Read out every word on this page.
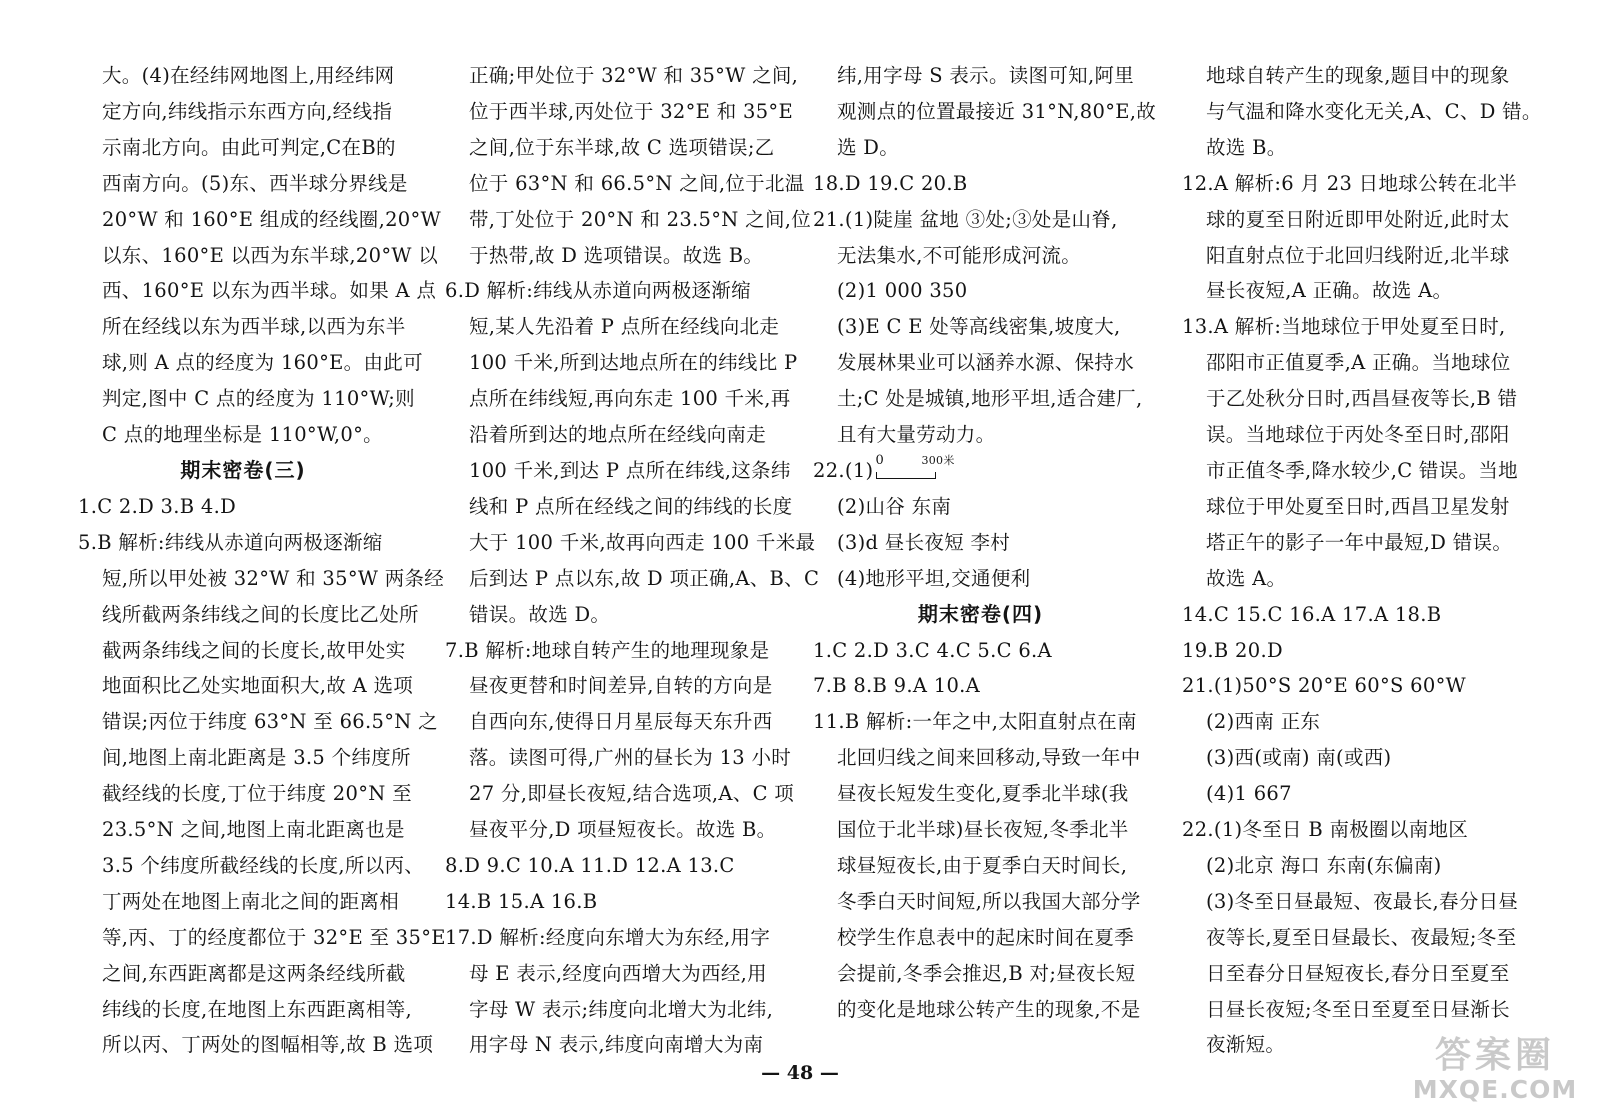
大。(4)在经纬网地图上,用经纬网
定方向,纬线指示东西方向,经线指
示南北方向。由此可判定,C在B的
西南方向。(5)东、西半球分界线是
20°W 和 160°E 组成的经线圈,20°W
以东、160°E 以西为东半球,20°W 以
西、160°E 以东为西半球。如果 A 点
所在经线以东为西半球,以西为东半
球,则 A 点的经度为 160°E。由此可
判定,图中 C 点的经度为 110°W;则
C 点的地理坐标是 110°W,0°。
期末密卷(三)
1.C 2.D 3.B 4.D
5.B 解析:纬线从赤道向两极逐渐缩
短,所以甲处被 32°W 和 35°W 两条经
线所截两条纬线之间的长度比乙处所
截两条纬线之间的长度长,故甲处实
地面积比乙处实地面积大,故 A 选项
错误;丙位于纬度 63°N 至 66.5°N 之
间,地图上南北距离是 3.5 个纬度所
截经线的长度,丁位于纬度 20°N 至
23.5°N 之间,地图上南北距离也是
3.5 个纬度所截经线的长度,所以丙、
丁两处在地图上南北之间的距离相
等,丙、丁的经度都位于 32°E 至 35°E
之间,东西距离都是这两条经线所截
纬线的长度,在地图上东西距离相等,
所以丙、丁两处的图幅相等,故 B 选项
正确;甲处位于 32°W 和 35°W 之间,
位于西半球,丙处位于 32°E 和 35°E
之间,位于东半球,故 C 选项错误;乙
位于 63°N 和 66.5°N 之间,位于北温
带,丁处位于 20°N 和 23.5°N 之间,位
于热带,故 D 选项错误。故选 B。
6.D 解析:纬线从赤道向两极逐渐缩
短,某人先沿着 P 点所在经线向北走
100 千米,所到达地点所在的纬线比 P
点所在纬线短,再向东走 100 千米,再
沿着所到达的地点所在经线向南走
100 千米,到达 P 点所在纬线,这条纬
线和 P 点所在经线之间的纬线的长度
大于 100 千米,故再向西走 100 千米最
后到达 P 点以东,故 D 项正确,A、B、C
错误。故选 D。
7.B 解析:地球自转产生的地理现象是
昼夜更替和时间差异,自转的方向是
自西向东,使得日月星辰每天东升西
落。读图可得,广州的昼长为 13 小时
27 分,即昼长夜短,结合选项,A、C 项
昼夜平分,D 项昼短夜长。故选 B。
8.D 9.C 10.A 11.D 12.A 13.C
14.B 15.A 16.B
17.D 解析:经度向东增大为东经,用字
母 E 表示,经度向西增大为西经,用
字母 W 表示;纬度向北增大为北纬,
用字母 N 表示,纬度向南增大为南
纬,用字母 S 表示。读图可知,阿里
观测点的位置最接近 31°N,80°E,故
选 D。
18.D 19.C 20.B
21.(1)陡崖 盆地 ③处;③处是山脊,
无法集水,不可能形成河流。
(2)1 000 350
(3)E C E 处等高线密集,坡度大,
发展林果业可以涵养水源、保持水
土;C 处是城镇,地形平坦,适合建厂,
且有大量劳动力。
22.(1) 0	300米
(2)山谷 东南
(3)d 昼长夜短 李村
(4)地形平坦,交通便利
期末密卷(四)
1.C 2.D 3.C 4.C 5.C 6.A
7.B 8.B 9.A 10.A
11.B 解析:一年之中,太阳直射点在南
北回归线之间来回移动,导致一年中
昼夜长短发生变化,夏季北半球(我
国位于北半球)昼长夜短,冬季北半
球昼短夜长,由于夏季白天时间长,
冬季白天时间短,所以我国大部分学
校学生作息表中的起床时间在夏季
会提前,冬季会推迟,B 对;昼夜长短
的变化是地球公转产生的现象,不是
地球自转产生的现象,题目中的现象
与气温和降水变化无关,A、C、D 错。
故选 B。
12.A 解析:6 月 23 日地球公转在北半
球的夏至日附近即甲处附近,此时太
阳直射点位于北回归线附近,北半球
昼长夜短,A 正确。故选 A。
13.A 解析:当地球位于甲处夏至日时,
邵阳市正值夏季,A 正确。当地球位
于乙处秋分日时,西昌昼夜等长,B 错
误。当地球位于丙处冬至日时,邵阳
市正值冬季,降水较少,C 错误。当地
球位于甲处夏至日时,西昌卫星发射
塔正午的影子一年中最短,D 错误。
故选 A。
14.C 15.C 16.A 17.A 18.B
19.B 20.D
21.(1)50°S 20°E 60°S 60°W
(2)西南 正东
(3)西(或南) 南(或西)
(4)1 667
22.(1)冬至日 B 南极圈以南地区
(2)北京 海口 东南(东偏南)
(3)冬至日昼最短、夜最长,春分日昼
夜等长,夏至日昼最长、夜最短;冬至
日至春分日昼短夜长,春分日至夏至
日昼长夜短;冬至日至夏至日昼渐长
夜渐短。
— 48 —	答案圈
MXQE.COM
